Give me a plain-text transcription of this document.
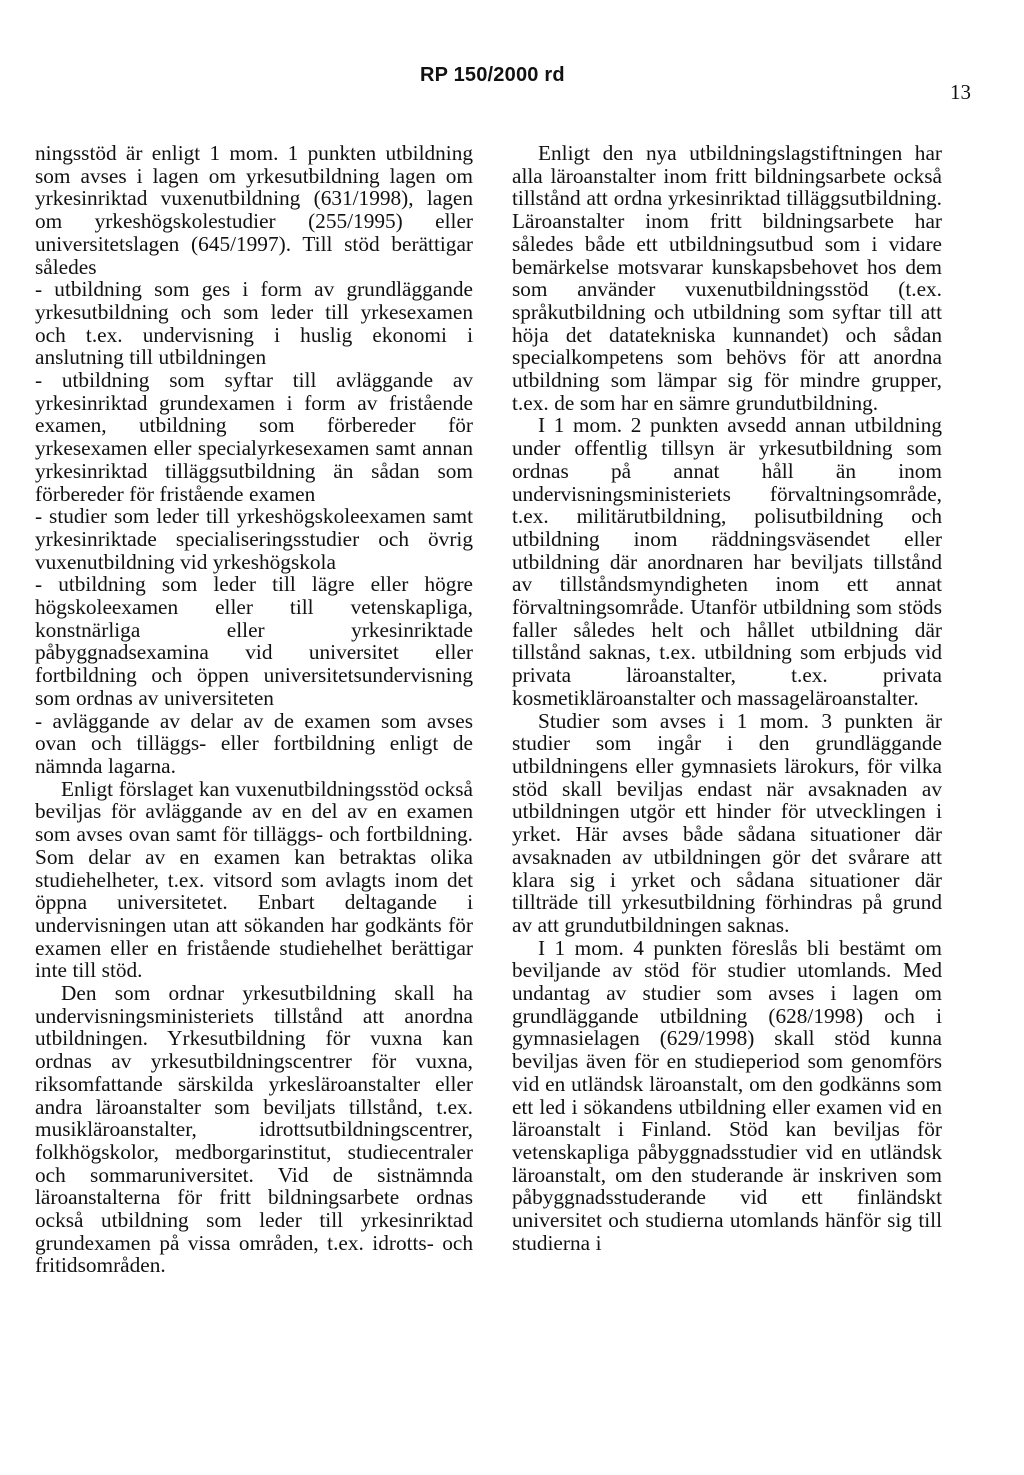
RP 150/2000 rd
13

ningsstöd är enligt 1 mom. 1 punkten utbildning som avses i lagen om yrkesutbildning lagen om yrkesinriktad vuxenutbildning (631/1998), lagen om yrkeshögskolestudier (255/1995) eller universitetslagen (645/1997). Till stöd berättigar således

- utbildning som ges i form av grundläggande yrkesutbildning och som leder till yrkesexamen och t.ex. undervisning i huslig ekonomi i anslutning till utbildningen

- utbildning som syftar till avläggande av yrkesinriktad grundexamen i form av fristående examen, utbildning som förbereder för yrkesexamen eller specialyrkesexamen samt annan yrkesinriktad tilläggsutbildning än sådan som förbereder för fristående examen

- studier som leder till yrkeshögskoleexamen samt yrkesinriktade specialiseringsstudier och övrig vuxenutbildning vid yrkeshögskola

- utbildning som leder till lägre eller högre högskoleexamen eller till vetenskapliga, konstnärliga eller yrkesinriktade påbyggnadsexamina vid universitet eller fortbildning och öppen universitetsundervisning som ordnas av universiteten

- avläggande av delar av de examen som avses ovan och tilläggs- eller fortbildning enligt de nämnda lagarna.

Enligt förslaget kan vuxenutbildningsstöd också beviljas för avläggande av en del av en examen som avses ovan samt för tilläggs- och fortbildning. Som delar av en examen kan betraktas olika studiehelheter, t.ex. vitsord som avlagts inom det öppna universitetet. Enbart deltagande i undervisningen utan att sökanden har godkänts för examen eller en fristående studiehelhet berättigar inte till stöd.

Den som ordnar yrkesutbildning skall ha undervisningsministeriets tillstånd att anordna utbildningen. Yrkesutbildning för vuxna kan ordnas av yrkesutbildningscentrer för vuxna, riksomfattande särskilda yrkesläroanstalter eller andra läroanstalter som beviljats tillstånd, t.ex. musikläroanstalter, idrottsutbildningscentrer, folkhögskolor, medborgarinstitut, studiecentraler och sommaruniversitet. Vid de sistnämnda läroanstalterna för fritt bildningsarbete ordnas också utbildning som leder till yrkesinriktad grundexamen på vissa områden, t.ex. idrotts- och fritidsområden.

Enligt den nya utbildningslagstiftningen har alla läroanstalter inom fritt bildningsarbete också tillstånd att ordna yrkesinriktad tilläggsutbildning. Läroanstalter inom fritt bildningsarbete har således både ett utbildningsutbud som i vidare bemärkelse motsvarar kunskapsbehovet hos dem som använder vuxenutbildningsstöd (t.ex. språkutbildning och utbildning som syftar till att höja det datatekniska kunnandet) och sådan specialkompetens som behövs för att anordna utbildning som lämpar sig för mindre grupper, t.ex. de som har en sämre grundutbildning.

I 1 mom. 2 punkten avsedd annan utbildning under offentlig tillsyn är yrkesutbildning som ordnas på annat håll än inom undervisningsministeriets förvaltningsområde, t.ex. militärutbildning, polisutbildning och utbildning inom räddningsväsendet eller utbildning där anordnaren har beviljats tillstånd av tillståndsmyndigheten inom ett annat förvaltningsområde. Utanför utbildning som stöds faller således helt och hållet utbildning där tillstånd saknas, t.ex. utbildning som erbjuds vid privata läroanstalter, t.ex. privata kosmetikläroanstalter och massageläroanstalter.

Studier som avses i 1 mom. 3 punkten är studier som ingår i den grundläggande utbildningens eller gymnasiets lärokurs, för vilka stöd skall beviljas endast när avsaknaden av utbildningen utgör ett hinder för utvecklingen i yrket. Här avses både sådana situationer där avsaknaden av utbildningen gör det svårare att klara sig i yrket och sådana situationer där tillträde till yrkesutbildning förhindras på grund av att grundutbildningen saknas.

I 1 mom. 4 punkten föreslås bli bestämt om beviljande av stöd för studier utomlands. Med undantag av studier som avses i lagen om grundläggande utbildning (628/1998) och i gymnasielagen (629/1998) skall stöd kunna beviljas även för en studieperiod som genomförs vid en utländsk läroanstalt, om den godkänns som ett led i sökandens utbildning eller examen vid en läroanstalt i Finland. Stöd kan beviljas för vetenskapliga påbyggnadsstudier vid en utländsk läroanstalt, om den studerande är inskriven som påbyggnadsstuderande vid ett finländskt universitet och studierna utomlands hänför sig till studierna i
